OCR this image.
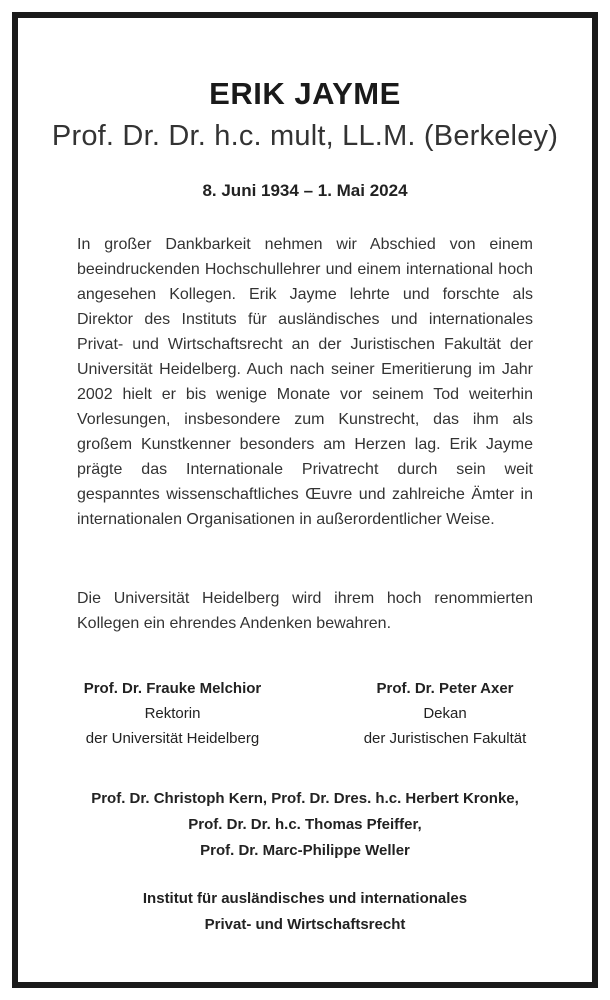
ERIK JAYME
Prof. Dr. Dr. h.c. mult, LL.M. (Berkeley)
8. Juni 1934 – 1. Mai 2024
In großer Dankbarkeit nehmen wir Abschied von einem beeindruckenden Hochschullehrer und einem international hoch angesehen Kollegen. Erik Jayme lehrte und forschte als Direktor des Instituts für ausländisches und internationales Privat- und Wirtschaftsrecht an der Juristischen Fakultät der Universität Heidelberg. Auch nach seiner Emeritierung im Jahr 2002 hielt er bis wenige Monate vor seinem Tod weiterhin Vorlesungen, insbesondere zum Kunstrecht, das ihm als großem Kunstkenner besonders am Herzen lag. Erik Jayme prägte das Internationale Privatrecht durch sein weit gespanntes wissenschaftliches Œuvre und zahlreiche Ämter in internationalen Organisationen in außerordentlicher Weise.
Die Universität Heidelberg wird ihrem hoch renommierten Kollegen ein ehrendes Andenken bewahren.
Prof. Dr. Frauke Melchior
Rektorin
der Universität Heidelberg
Prof. Dr. Peter Axer
Dekan
der Juristischen Fakultät
Prof. Dr. Christoph Kern, Prof. Dr. Dres. h.c. Herbert Kronke,
Prof. Dr. Dr. h.c. Thomas Pfeiffer,
Prof. Dr. Marc-Philippe Weller
Institut für ausländisches und internationales
Privat- und Wirtschaftsrecht
